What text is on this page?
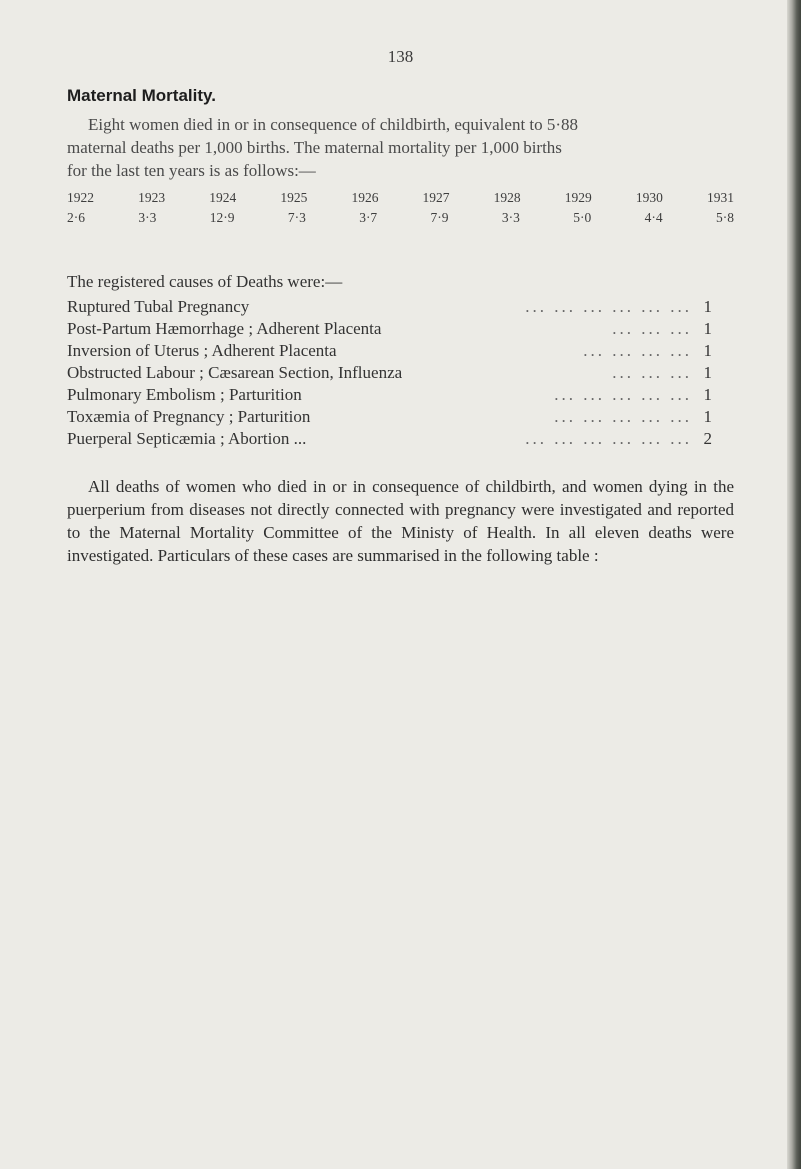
138
Maternal Mortality.
Eight women died in or in consequence of childbirth, equivalent to 5·88
maternal deaths per 1,000 births. The maternal mortality per 1,000 births
for the last ten years is as follows:—
1922	1923	1924	1925	1926	1927	1928	1929	1930	1931
2·6	3·3	12·9	7·3	3·7	7·9	3·3	5·0	4·4	5·8
The registered causes of Deaths were:—
Ruptured Tubal Pregnancy	... ... ... ... ... ... 1
Post-Partum Hæmorrhage ; Adherent Placenta	... ... ... 1
Inversion of Uterus ; Adherent Placenta	... ... ... ... 1
Obstructed Labour ; Cæsarean Section, Influenza	... ... ... 1
Pulmonary Embolism ; Parturition	... ... ... ... ... 1
Toxæmia of Pregnancy ; Parturition	... ... ... ... ... 1
Puerperal Septicæmia ; Abortion ...	... ... ... ... ... ... 2

All deaths of women who died in or in consequence of childbirth, and women dying in the puerperium from diseases not directly connected with pregnancy were investigated and reported to the Maternal Mortality Committee of the Ministy of Health. In all eleven deaths were investigated. Particulars of these cases are summarised in the following table :
